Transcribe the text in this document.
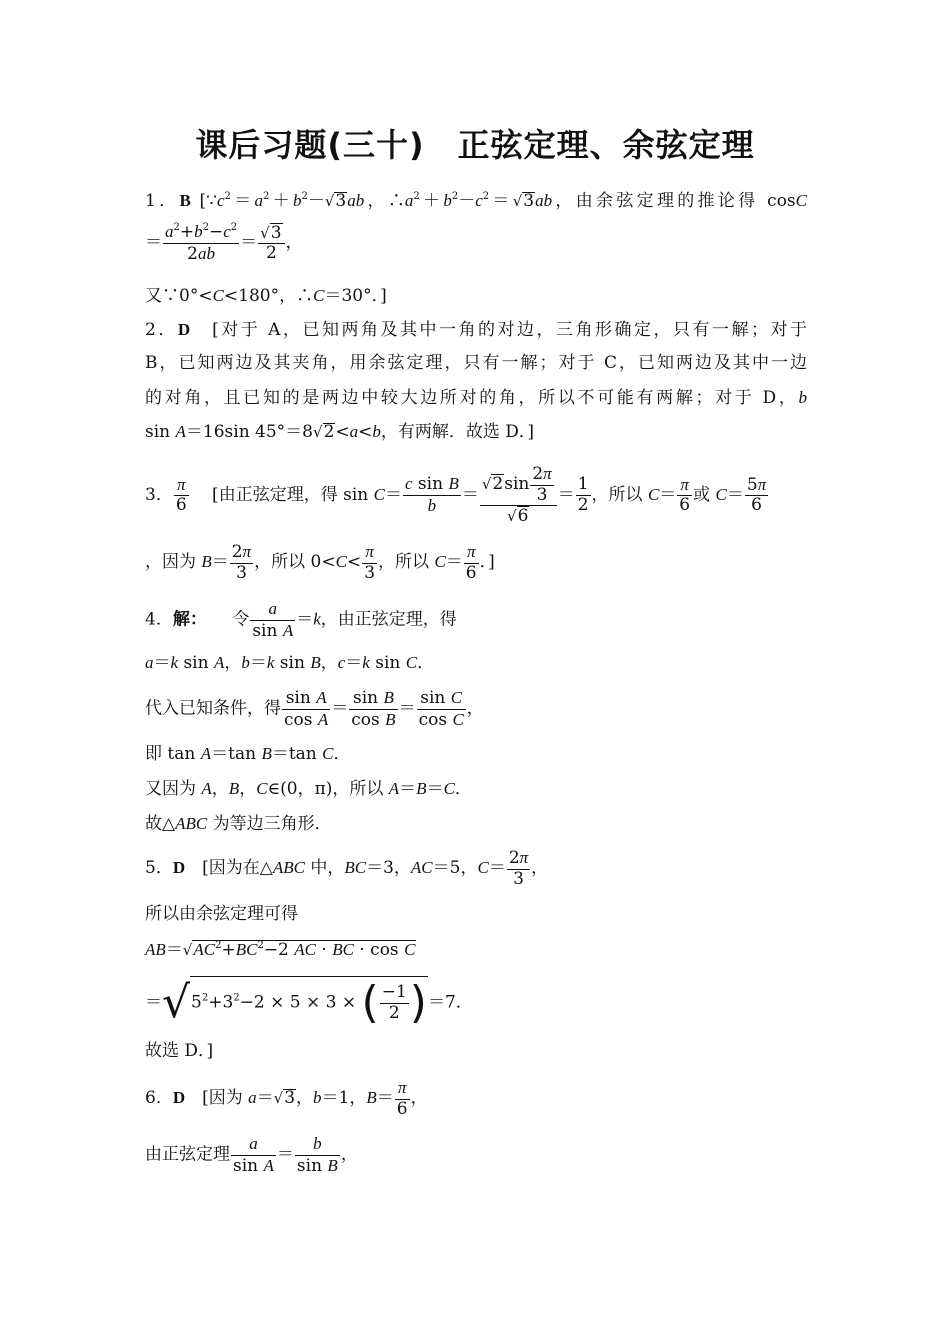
课后习题(三十)　正弦定理、余弦定理
1．B [$\because c^2=a^2+b^2-√3ab$，$\therefore a^2+b^2-c^2=√3ab$，由余弦定理的推论得 cosC
＝ $\frac{a^2+b^2-c^2}{2ab} = \frac{√3}{2}$ ，
又∵0°<C<180°，∴C＝30°．]
2．D　[对于 A，已知两角及其中一角的对边，三角形确定，只有一解；对于
B，已知两边及其夹角，用余弦定理，只有一解；对于 C，已知两边及其中一边
的对角，且已知的是两边中较大边所对的角，所以不可能有两解；对于 D，b
sin A＝16sin 45°＝8√2<a<b，有两解．故选 D．]
3． $\frac{\pi}{6}$ 　[由正弦定理，得 $\sin C= \frac{\text{c sin B}}{b} = \frac{√2\sin \frac{2\pi}{3}}{√6} = \frac{1}{2}$ ，所以 $C= \frac{\pi}{6}$ 或 $C= \frac{5\pi}{6}$
，因为 $B= \frac{2\pi}{3}$ ，所以 $0<C< \frac{\pi}{3}$ ，所以 $C= \frac{\pi}{6}$ ．]
4．解：　　令 $\frac{a}{\text{sin A}} =k$，由正弦定理，得
a＝k sin A，b＝k sin B，c＝k sin C．
代入已知条件，得 $\frac{\text{sin A}}{\text{cos A}} = \frac{\text{sin B}}{\text{cos B}} = \frac{\text{sin C}}{\text{cos C}}$ ，
即 tan A＝tan B＝tan C．
又因为 A，B，C∈(0，π)，所以 A＝B＝C．
故△ABC 为等边三角形．
5．D　[因为在△ABC 中，BC＝3，AC＝5，$C= \frac{2\pi}{3}$ ，
所以由余弦定理可得
$AB=√AC^2+BC^2-2$ AC · BC · cos C
$=√5^2+3^2-2 \times 5 \times 3$ × ( $\frac{-1}{2} )=7$．
故选 D．]
6．D　[因为 a＝√3，b＝1，$B= \frac{\pi}{6}$ ，
由正弦定理 $\frac{a}{\text{sin A}} = \frac{b}{\text{sin B}}$ ，
